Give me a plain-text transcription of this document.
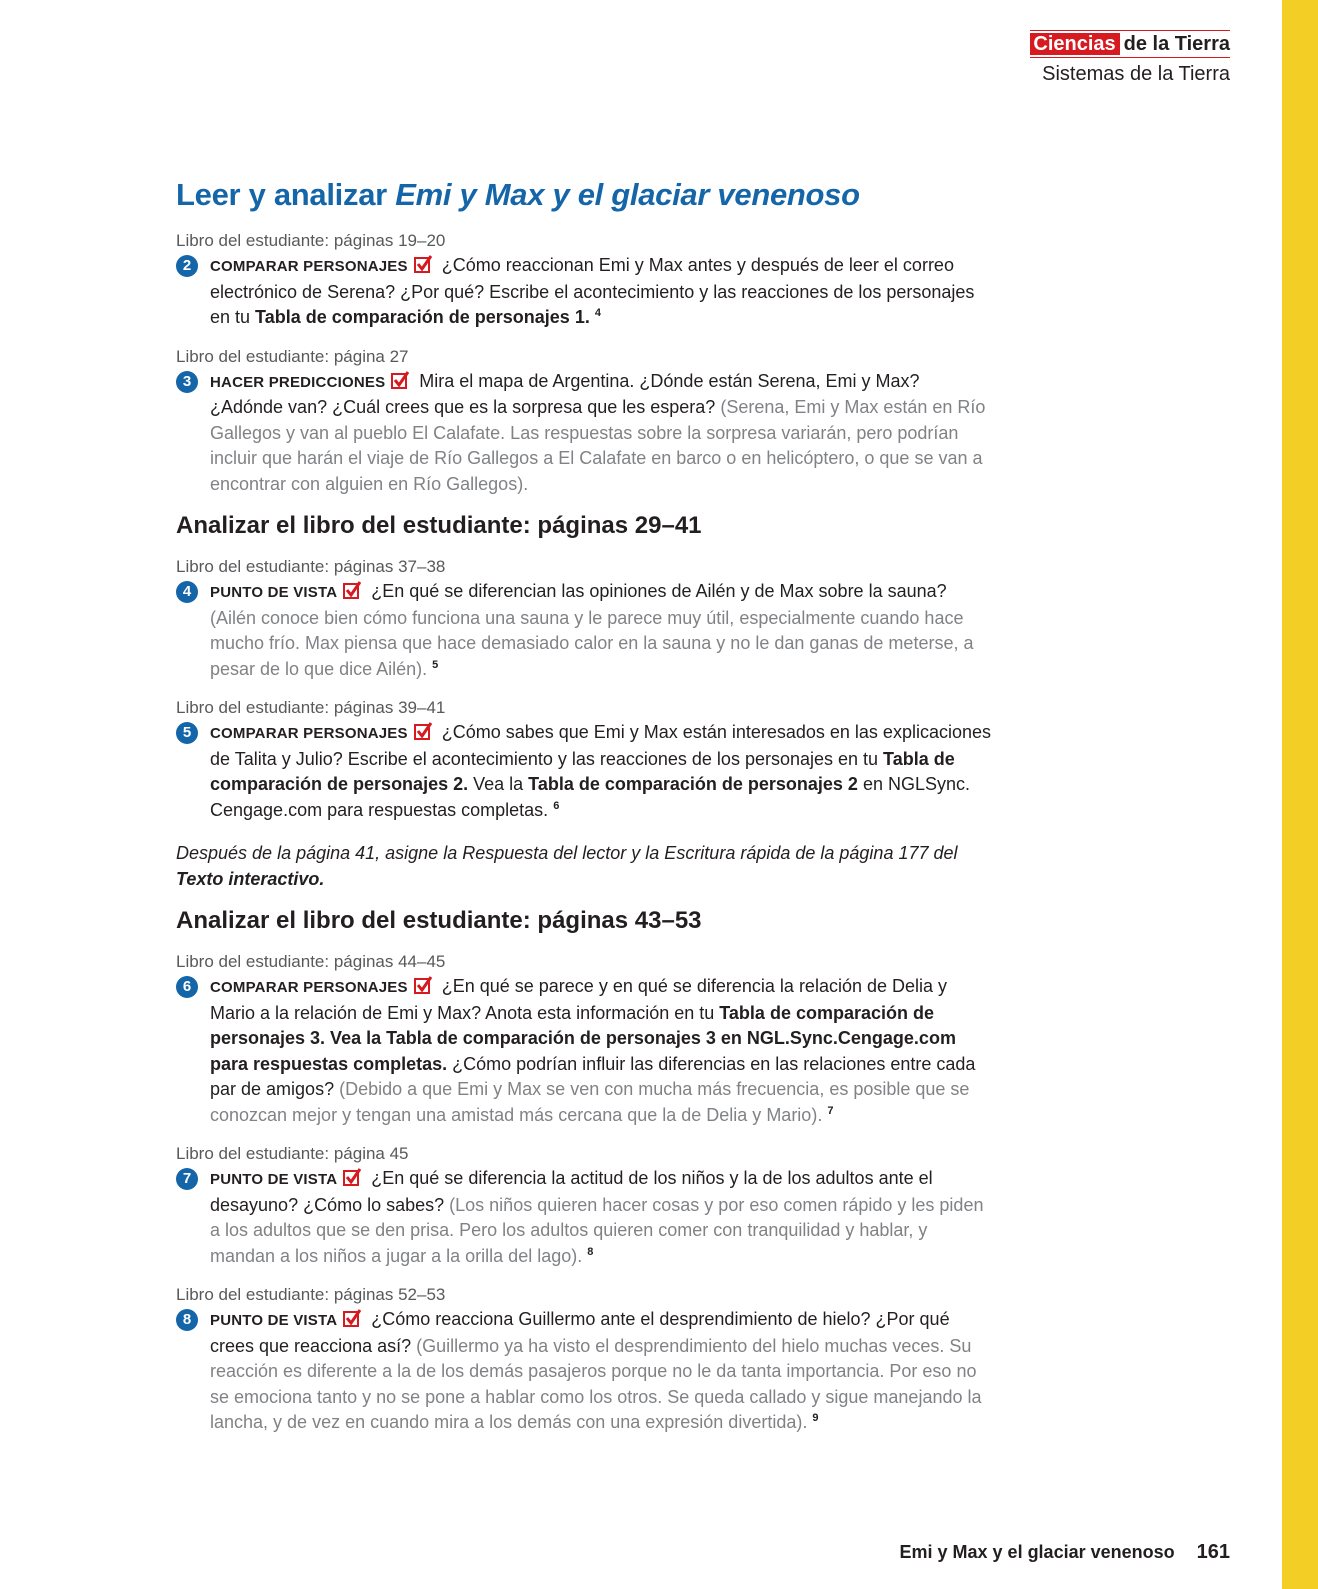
Ciencias de la Tierra
Sistemas de la Tierra
Leer y analizar Emi y Max y el glaciar venenoso
Libro del estudiante: páginas 19–20
2	COMPARAR PERSONAJES ¿Cómo reaccionan Emi y Max antes y después de leer el correo electrónico de Serena? ¿Por qué? Escribe el acontecimiento y las reacciones de los personajes en tu Tabla de comparación de personajes 1. $^4$
Libro del estudiante: página 27
3	HACER PREDICCIONES Mira el mapa de Argentina. ¿Dónde están Serena, Emi y Max? ¿Adónde van? ¿Cuál crees que es la sorpresa que les espera? (Serena, Emi y Max están en Río Gallegos y van al pueblo El Calafate. Las respuestas sobre la sorpresa variarán, pero podrían incluir que harán el viaje de Río Gallegos a El Calafate en barco o en helicóptero, o que se van a encontrar con alguien en Río Gallegos).
Analizar el libro del estudiante: páginas 29–41
Libro del estudiante: páginas 37–38
4	PUNTO DE VISTA ¿En qué se diferencian las opiniones de Ailén y de Max sobre la sauna? (Ailén conoce bien cómo funciona una sauna y le parece muy útil, especialmente cuando hace mucho frío. Max piensa que hace demasiado calor en la sauna y no le dan ganas de meterse, a pesar de lo que dice Ailén). $^5$
Libro del estudiante: páginas 39–41
5	COMPARAR PERSONAJES ¿Cómo sabes que Emi y Max están interesados en las explicaciones de Talita y Julio? Escribe el acontecimiento y las reacciones de los personajes en tu Tabla de comparación de personajes 2. Vea la Tabla de comparación de personajes 2 en NGLSync. Cengage.com para respuestas completas. $^6$
Después de la página 41, asigne la Respuesta del lector y la Escritura rápida de la página 177 del Texto interactivo.
Analizar el libro del estudiante: páginas 43–53
Libro del estudiante: páginas 44–45
6	COMPARAR PERSONAJES ¿En qué se parece y en qué se diferencia la relación de Delia y Mario a la relación de Emi y Max? Anota esta información en tu Tabla de comparación de personajes 3. Vea la Tabla de comparación de personajes 3 en NGL.Sync.Cengage.com para respuestas completas. ¿Cómo podrían influir las diferencias en las relaciones entre cada par de amigos? (Debido a que Emi y Max se ven con mucha más frecuencia, es posible que se conozcan mejor y tengan una amistad más cercana que la de Delia y Mario). $^7$
Libro del estudiante: página 45
7	PUNTO DE VISTA ¿En qué se diferencia la actitud de los niños y la de los adultos ante el desayuno? ¿Cómo lo sabes? (Los niños quieren hacer cosas y por eso comen rápido y les piden a los adultos que se den prisa. Pero los adultos quieren comer con tranquilidad y hablar, y mandan a los niños a jugar a la orilla del lago). $^8$
Libro del estudiante: páginas 52–53
8	PUNTO DE VISTA ¿Cómo reacciona Guillermo ante el desprendimiento de hielo? ¿Por qué crees que reacciona así? (Guillermo ya ha visto el desprendimiento del hielo muchas veces. Su reacción es diferente a la de los demás pasajeros porque no le da tanta importancia. Por eso no se emociona tanto y no se pone a hablar como los otros. Se queda callado y sigue manejando la lancha, y de vez en cuando mira a los demás con una expresión divertida). $^9$
Emi y Max y el glaciar venenoso 161
